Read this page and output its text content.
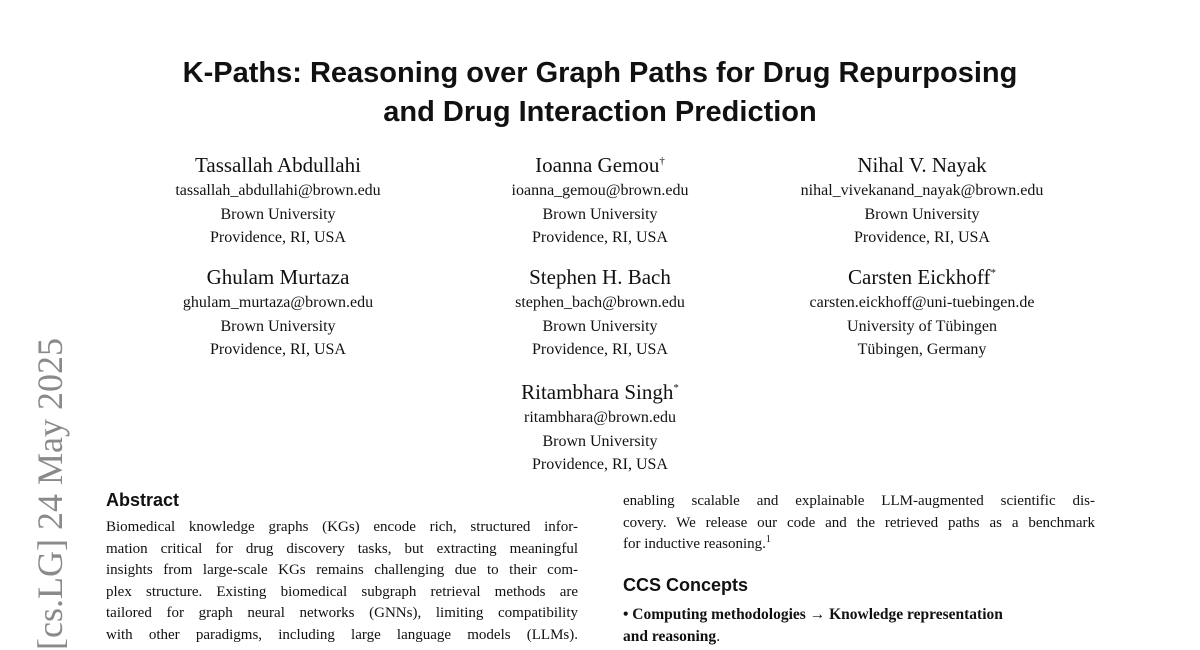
K-Paths: Reasoning over Graph Paths for Drug Repurposing
and Drug Interaction Prediction
Tassallah Abdullahi
tassallah_abdullahi@brown.edu
Brown University
Providence, RI, USA
Ioanna Gemou†
ioanna_gemou@brown.edu
Brown University
Providence, RI, USA
Nihal V. Nayak
nihal_vivekanand_nayak@brown.edu
Brown University
Providence, RI, USA
Ghulam Murtaza
ghulam_murtaza@brown.edu
Brown University
Providence, RI, USA
Stephen H. Bach
stephen_bach@brown.edu
Brown University
Providence, RI, USA
Carsten Eickhoff*
carsten.eickhoff@uni-tuebingen.de
University of Tübingen
Tübingen, Germany
Ritambhara Singh*
ritambhara@brown.edu
Brown University
Providence, RI, USA
[cs.LG] 24 May 2025 Abstract
Biomedical knowledge graphs (KGs) encode rich, structured infor-
mation critical for drug discovery tasks, but extracting meaningful
insights from large-scale KGs remains challenging due to their com-
plex structure. Existing biomedical subgraph retrieval methods are
tailored for graph neural networks (GNNs), limiting compatibility
with other paradigms, including large language models (LLMs).
enabling scalable and explainable LLM-augmented scientific dis-
covery. We release our code and the retrieved paths as a benchmark
for inductive reasoning.$^1$
CCS Concepts
• Computing methodologies → Knowledge representation
and reasoning.
